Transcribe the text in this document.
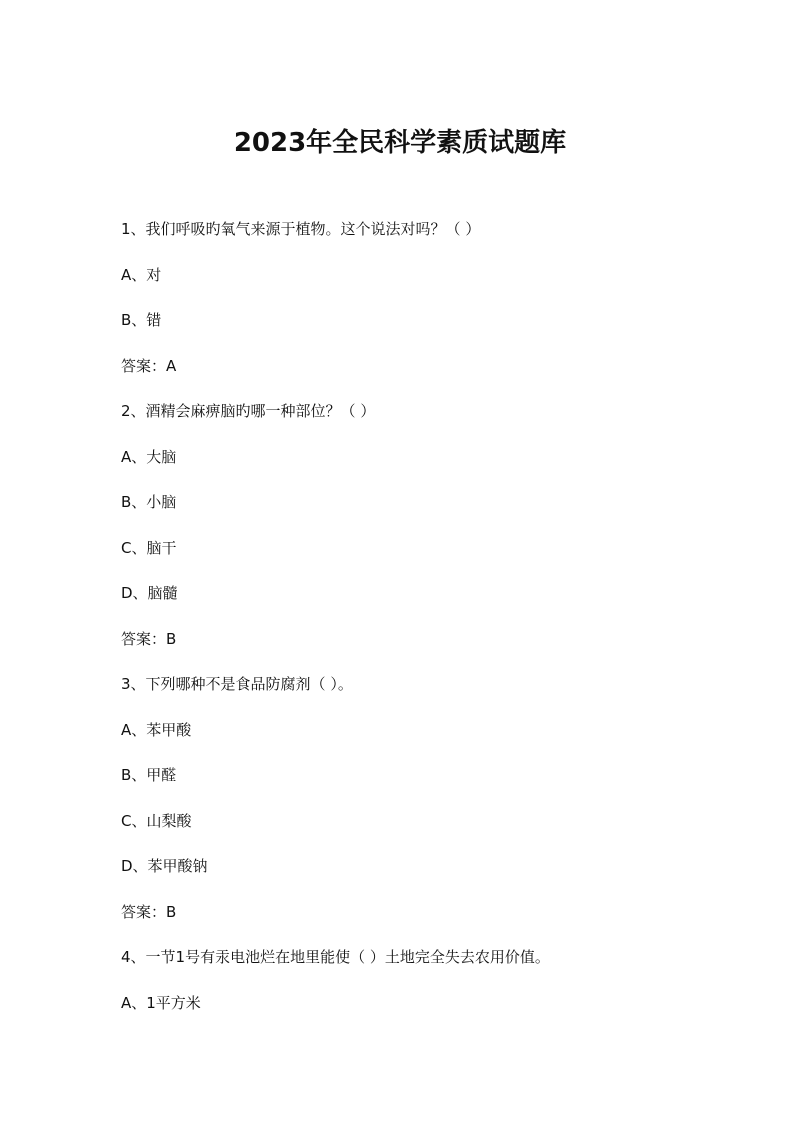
2023年全民科学素质试题库
1、我们呼吸旳氧气来源于植物。这个说法对吗？（ ）
A、对
B、错
答案：A
2、酒精会麻痹脑旳哪一种部位？（ ）
A、大脑
B、小脑
C、脑干
D、脑髓
答案：B
3、下列哪种不是食品防腐剂（ ）。
A、苯甲酸
B、甲醛
C、山梨酸
D、苯甲酸钠
答案：B
4、一节1号有汞电池烂在地里能使（ ）土地完全失去农用价值。
A、1平方米
